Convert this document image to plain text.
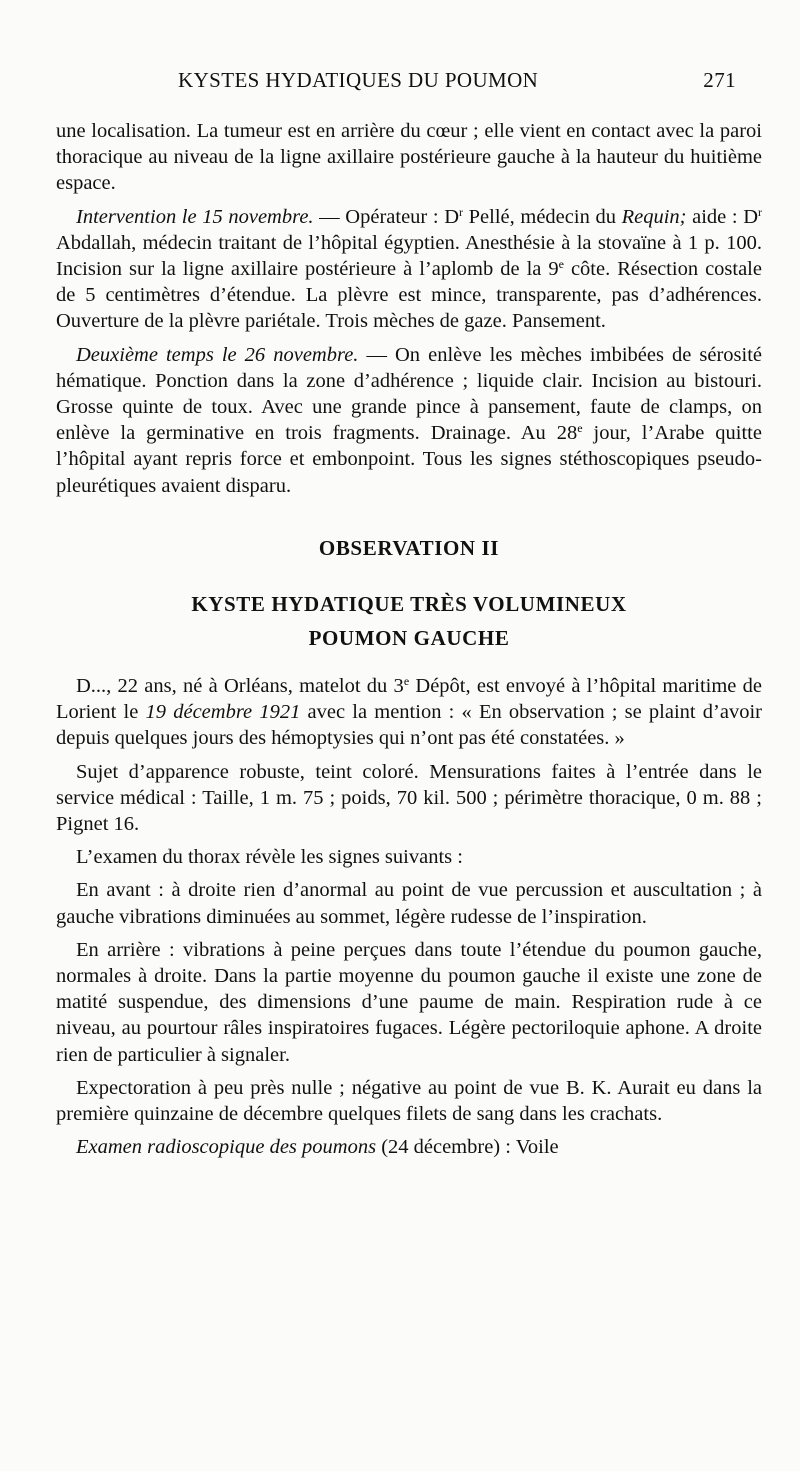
KYSTES HYDATIQUES DU POUMON	271

une localisation. La tumeur est en arrière du cœur ; elle vient en contact avec la paroi thoracique au niveau de la ligne axillaire postérieure gauche à la hauteur du huitième espace.

Intervention le 15 novembre. — Opérateur : $D^r$ Pellé, médecin du Requin; aide : $D^r$ Abdallah, médecin traitant de l’hôpital égyptien. Anesthésie à la stovaïne à 1 p. 100. Incision sur la ligne axillaire postérieure à l’aplomb de la 9e côte. Résection costale de 5 centimètres d’étendue. La plèvre est mince, transparente, pas d’adhérences. Ouverture de la plèvre pariétale. Trois mèches de gaze. Pansement.

Deuxième temps le 26 novembre. — On enlève les mèches imbibées de sérosité hématique. Ponction dans la zone d’adhérence ; liquide clair. Incision au bistouri. Grosse quinte de toux. Avec une grande pince à pansement, faute de clamps, on enlève la germinative en trois fragments. Drainage. Au 28e jour, l’Arabe quitte l’hôpital ayant repris force et embonpoint. Tous les signes stéthoscopiques pseudo-pleurétiques avaient disparu.

OBSERVATION II
KYSTE HYDATIQUE TRÈS VOLUMINEUX
POUMON GAUCHE

D..., 22 ans, né à Orléans, matelot du 3e Dépôt, est envoyé à l’hôpital maritime de Lorient le 19 décembre 1921 avec la mention : « En observation ; se plaint d’avoir depuis quelques jours des hémoptysies qui n’ont pas été constatées. »

Sujet d’apparence robuste, teint coloré. Mensurations faites à l’entrée dans le service médical : Taille, 1 m. 75 ; poids, 70 kil. 500 ; périmètre thoracique, 0 m. 88 ; Pignet 16.

L’examen du thorax révèle les signes suivants :

En avant : à droite rien d’anormal au point de vue percussion et auscultation ; à gauche vibrations diminuées au sommet, légère rudesse de l’inspiration.

En arrière : vibrations à peine perçues dans toute l’étendue du poumon gauche, normales à droite. Dans la partie moyenne du poumon gauche il existe une zone de matité suspendue, des dimensions d’une paume de main. Respiration rude à ce niveau, au pourtour râles inspiratoires fugaces. Légère pectoriloquie aphone. A droite rien de particulier à signaler.

Expectoration à peu près nulle ; négative au point de vue B. K. Aurait eu dans la première quinzaine de décembre quelques filets de sang dans les crachats.

Examen radioscopique des poumons (24 décembre) : Voile
